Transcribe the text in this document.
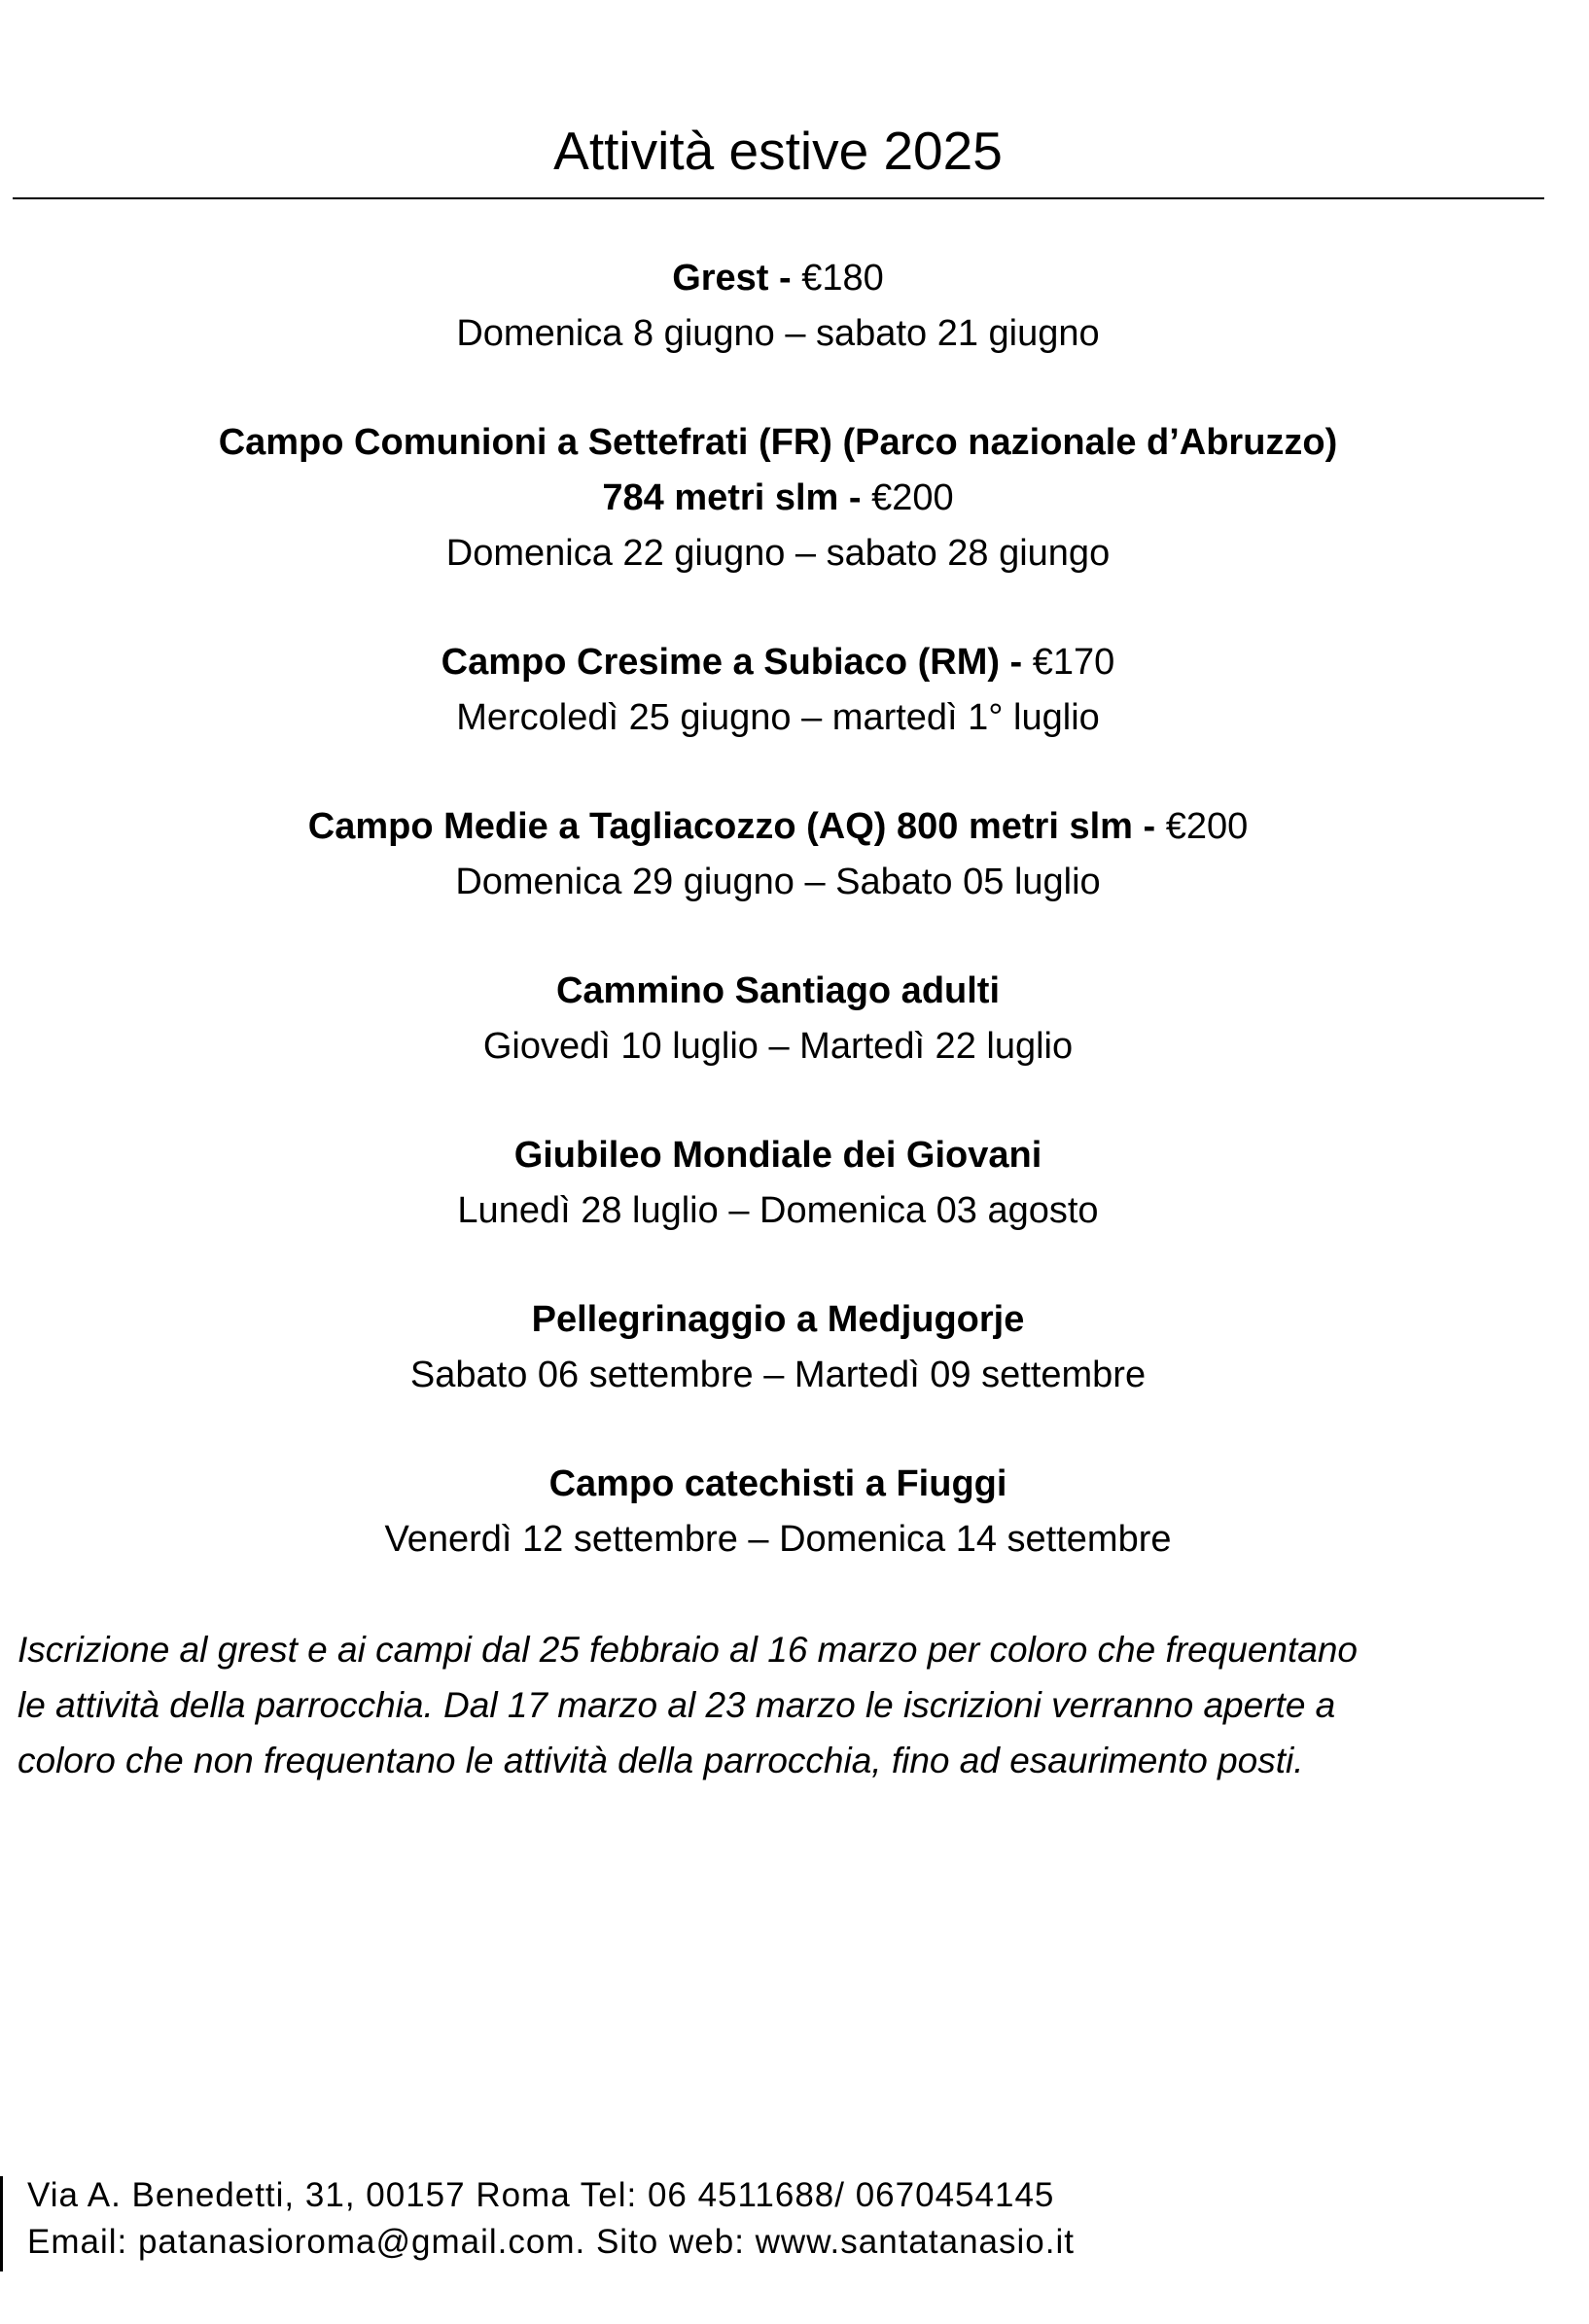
Attività estive 2025
Grest - €180
Domenica 8 giugno – sabato 21 giugno
Campo Comunioni a Settefrati (FR) (Parco nazionale d’Abruzzo)
784 metri slm - €200
Domenica 22 giugno – sabato 28 giungo
Campo Cresime a Subiaco (RM) - €170
Mercoledì 25 giugno – martedì 1° luglio
Campo Medie a Tagliacozzo (AQ) 800 metri slm - €200
Domenica 29 giugno – Sabato 05 luglio
Cammino Santiago adulti
Giovedì 10 luglio – Martedì 22 luglio
Giubileo Mondiale dei Giovani
Lunedì 28 luglio – Domenica 03 agosto
Pellegrinaggio a Medjugorje
Sabato 06 settembre – Martedì 09 settembre
Campo catechisti a Fiuggi
Venerdì 12 settembre – Domenica 14 settembre
Iscrizione al grest e ai campi dal 25 febbraio al 16 marzo per coloro che frequentano
le attività della parrocchia. Dal 17 marzo al 23 marzo le iscrizioni verranno aperte a
coloro che non frequentano le attività della parrocchia, fino ad esaurimento posti.
Via A. Benedetti, 31, 00157 Roma Tel: 06 4511688/ 0670454145
Email: patanasioroma@gmail.com. Sito web: www.santatanasio.it
